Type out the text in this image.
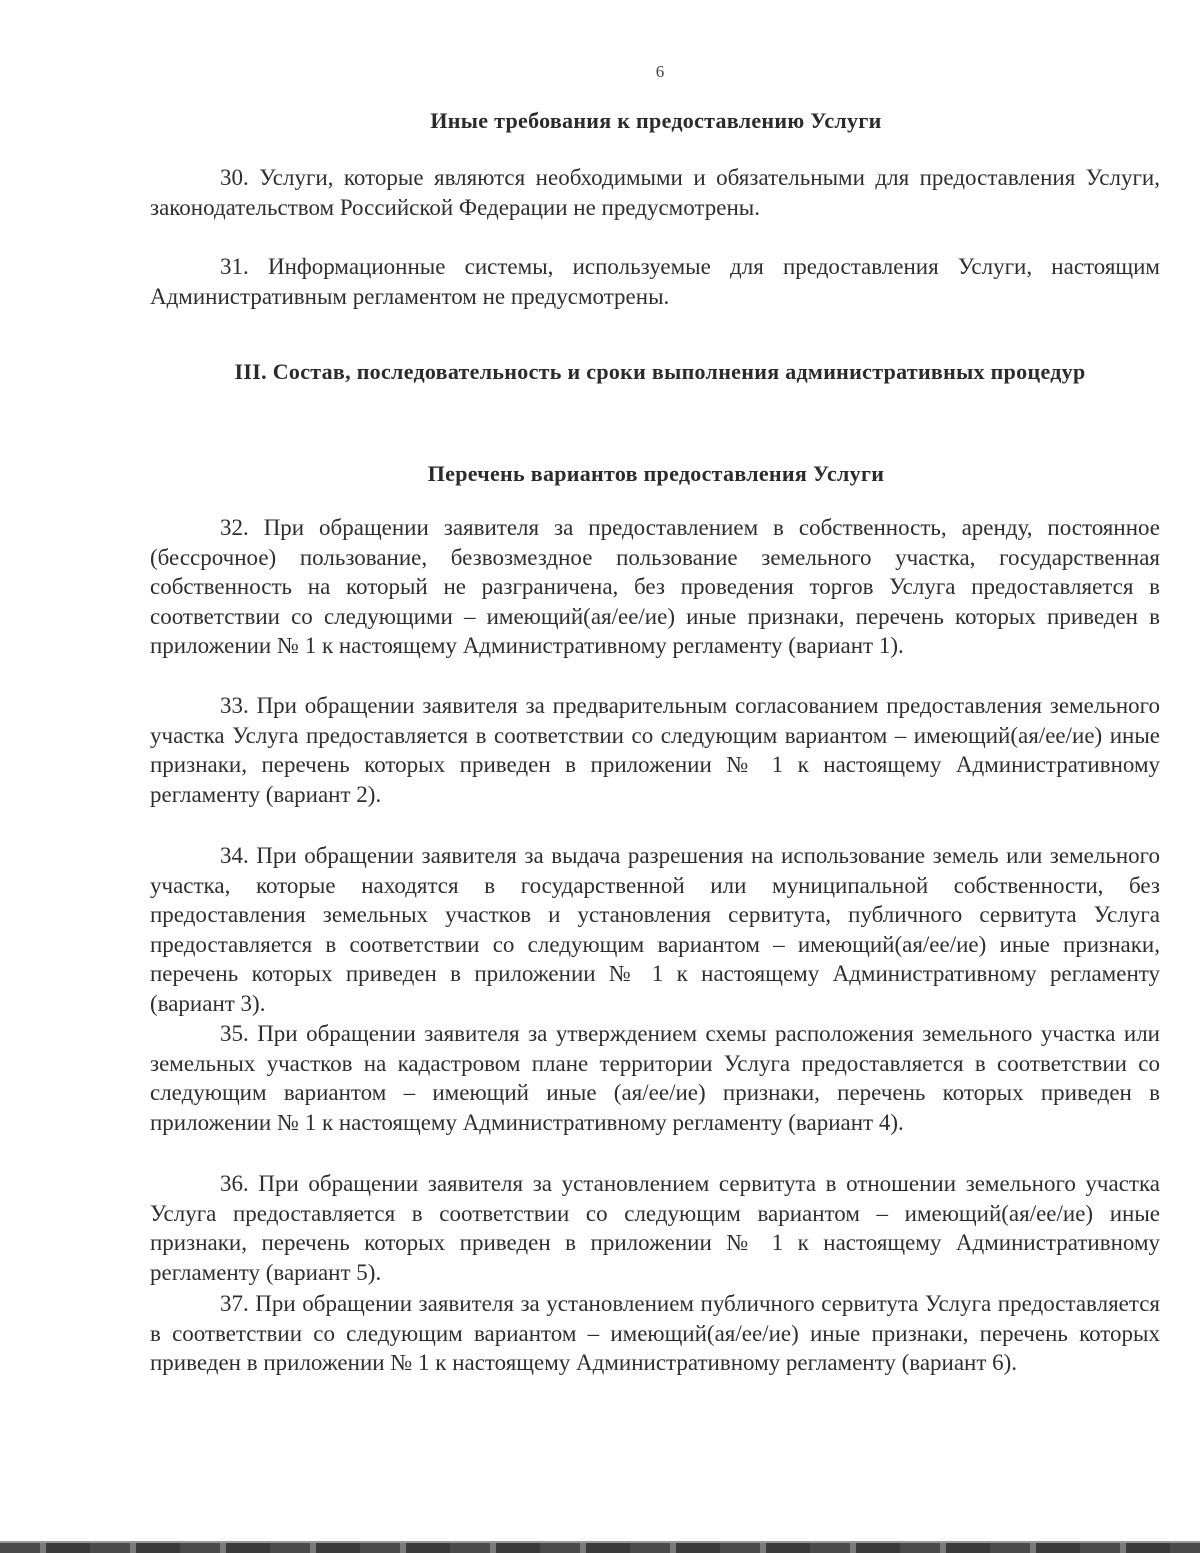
6
Иные требования к предоставлению Услуги
30. Услуги, которые являются необходимыми и обязательными для предоставления Услуги, законодательством Российской Федерации не предусмотрены.
31. Информационные системы, используемые для предоставления Услуги, настоящим Административным регламентом не предусмотрены.
III. Состав, последовательность и сроки выполнения административных процедур
Перечень вариантов предоставления Услуги
32. При обращении заявителя за предоставлением в собственность, аренду, постоянное (бессрочное) пользование, безвозмездное пользование земельного участка, государственная собственность на который не разграничена, без проведения торгов Услуга предоставляется в соответствии со следующими – имеющий(ая/ее/ие) иные признаки, перечень которых приведен в приложении № 1 к настоящему Административному регламенту (вариант 1).
33. При обращении заявителя за предварительным согласованием предоставления земельного участка Услуга предоставляется в соответствии со следующим вариантом – имеющий(ая/ее/ие) иные признаки, перечень которых приведен в приложении № 1 к настоящему Административному регламенту (вариант 2).
34. При обращении заявителя за выдача разрешения на использование земель или земельного участка, которые находятся в государственной или муниципальной собственности, без предоставления земельных участков и установления сервитута, публичного сервитута Услуга предоставляется в соответствии со следующим вариантом – имеющий(ая/ее/ие) иные признаки, перечень которых приведен в приложении № 1 к настоящему Административному регламенту (вариант 3).
35. При обращении заявителя за утверждением схемы расположения земельного участка или земельных участков на кадастровом плане территории Услуга предоставляется в соответствии со следующим вариантом – имеющий иные (ая/ее/ие) признаки, перечень которых приведен в приложении № 1 к настоящему Административному регламенту (вариант 4).
36. При обращении заявителя за установлением сервитута в отношении земельного участка Услуга предоставляется в соответствии со следующим вариантом – имеющий(ая/ее/ие) иные признаки, перечень которых приведен в приложении № 1 к настоящему Административному регламенту (вариант 5).
37. При обращении заявителя за установлением публичного сервитута Услуга предоставляется в соответствии со следующим вариантом – имеющий(ая/ее/ие) иные признаки, перечень которых приведен в приложении № 1 к настоящему Административному регламенту (вариант 6).
